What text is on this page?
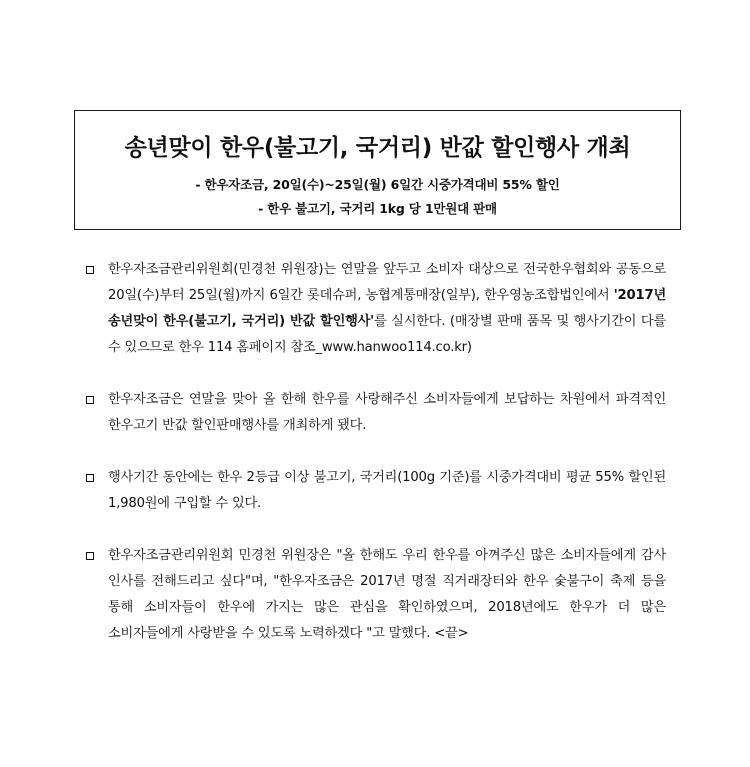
송년맞이 한우(불고기, 국거리) 반값 할인행사 개최
- 한우자조금, 20일(수)~25일(월) 6일간 시중가격대비 55% 할인
- 한우 불고기, 국거리 1kg 당 1만원대 판매
한우자조금관리위원회(민경천 위원장)는 연말을 앞두고 소비자 대상으로 전국한우협회와 공동으로 20일(수)부터 25일(월)까지 6일간 롯데슈퍼, 농협계통매장(일부), 한우영농조합법인에서 '2017년 송년맞이 한우(불고기, 국거리) 반값 할인행사'를 실시한다. (매장별 판매 품목 및 행사기간이 다를 수 있으므로 한우 114 홈페이지 참조_www.hanwoo114.co.kr)
한우자조금은 연말을 맞아 올 한해 한우를 사랑해주신 소비자들에게 보답하는 차원에서 파격적인 한우고기 반값 할인판매행사를 개최하게 됐다.
행사기간 동안에는 한우 2등급 이상 불고기, 국거리(100g 기준)를 시중가격대비 평균 55% 할인된 1,980원에 구입할 수 있다.
한우자조금관리위원회 민경천 위원장은 "올 한해도 우리 한우를 아껴주신 많은 소비자들에게 감사 인사를 전해드리고 싶다"며, "한우자조금은 2017년 명절 직거래장터와 한우 숯불구이 축제 등을 통해 소비자들이 한우에 가지는 많은 관심을 확인하였으며, 2018년에도 한우가 더 많은 소비자들에게 사랑받을 수 있도록 노력하겠다 "고 말했다. <끝>
